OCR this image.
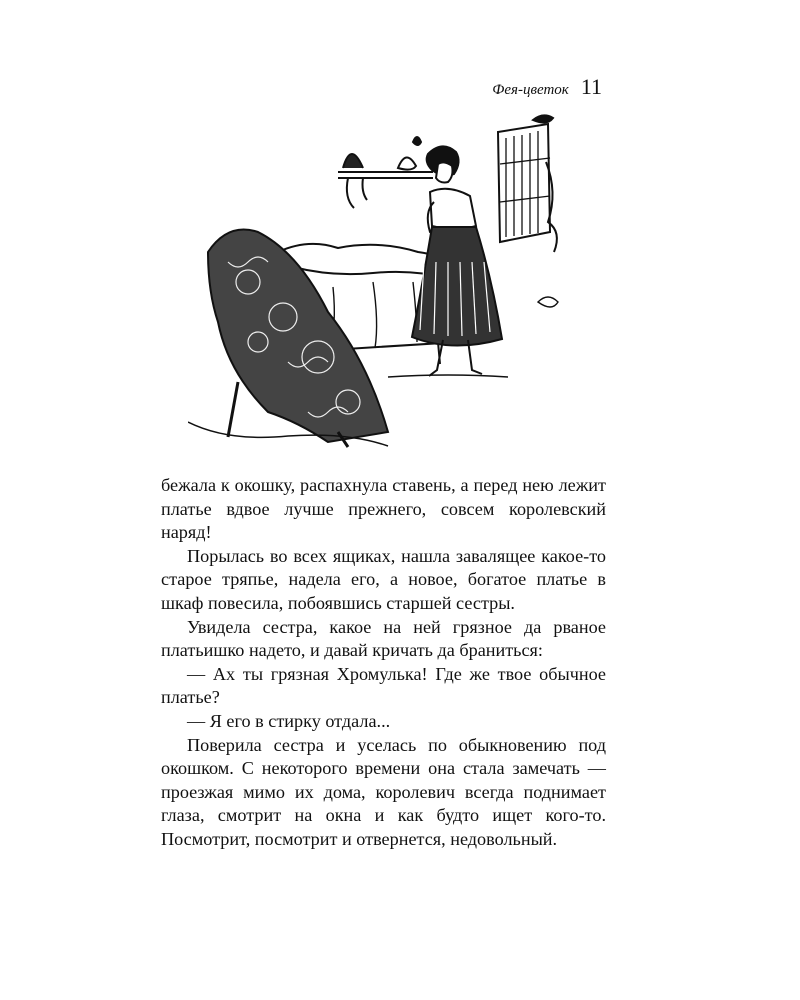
Фея-цветок 11

бежала к окошку, распахнула ставень, а перед нею лежит платье вдвое лучше прежнего, совсем королевский наряд!

Порылась во всех ящиках, нашла завалящее какое-то старое тряпье, надела его, а новое, богатое платье в шкаф повесила, побоявшись старшей сестры.

Увидела сестра, какое на ней грязное да рваное платьишко надето, и давай кричать да браниться:

— Ах ты грязная Хромулька! Где же твое обычное платье?

— Я его в стирку отдала...

Поверила сестра и уселась по обыкновению под окошком. С некоторого времени она стала замечать — проезжая мимо их дома, королевич всегда поднимает глаза, смотрит на окна и как будто ищет кого-то. Посмотрит, посмотрит и отвернется, недовольный.
